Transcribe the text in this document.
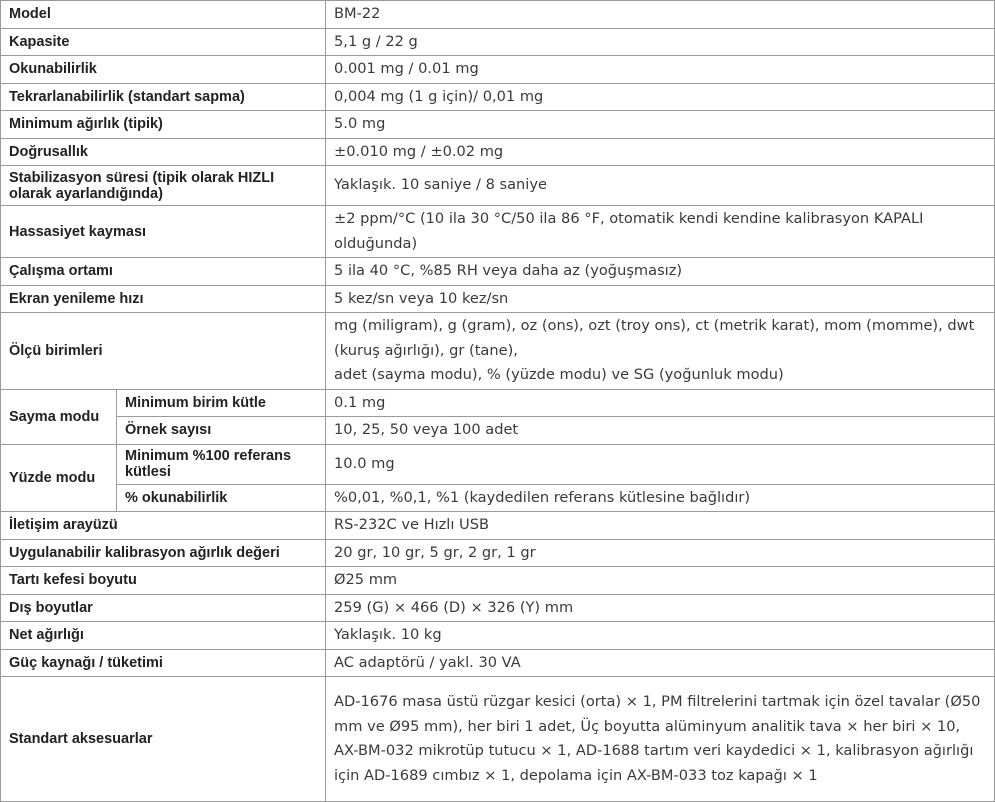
Model		BM-22
Kapasite		5,1 g / 22 g
Okunabilirlik		0.001 mg / 0.01 mg
Tekrarlanabilirlik (standart sapma)		0,004 mg (1 g için)/ 0,01 mg
Minimum ağırlık (tipik)		5.0 mg
Doğrusallık		±0.010 mg / ±0.02 mg
Stabilizasyon süresi (tipik olarak HIZLI olarak ayarlandığında)		Yaklaşık. 10 saniye / 8 saniye
Hassasiyet kayması		±2 ppm/°C (10 ila 30 °C/50 ila 86 °F, otomatik kendi kendine kalibrasyon KAPALI olduğunda)
Çalışma ortamı		5 ila 40 °C, %85 RH veya daha az (yoğuşmasız)
Ekran yenileme hızı		5 kez/sn veya 10 kez/sn
Ölçü birimleri		mg (miligram), g (gram), oz (ons), ozt (troy ons), ct (metrik karat), mom (momme), dwt (kuruş ağırlığı), gr (tane),
adet (sayma modu), % (yüzde modu) ve SG (yoğunluk modu)
Sayma modu	Minimum birim kütle	0.1 mg
	Örnek sayısı	10, 25, 50 veya 100 adet
Yüzde modu	Minimum %100 referans kütlesi	10.0 mg
	% okunabilirlik	%0,01, %0,1, %1 (kaydedilen referans kütlesine bağlıdır)
İletişim arayüzü		RS-232C ve Hızlı USB
Uygulanabilir kalibrasyon ağırlık değeri		20 gr, 10 gr, 5 gr, 2 gr, 1 gr
Tartı kefesi boyutu		Ø25 mm
Dış boyutlar		259 (G) × 466 (D) × 326 (Y) mm
Net ağırlığı		Yaklaşık. 10 kg
Güç kaynağı / tüketimi		AC adaptörü / yakl. 30 VA
Standart aksesuarlar		AD-1676 masa üstü rüzgar kesici (orta) × 1, PM filtrelerini tartmak için özel tavalar (Ø50 mm ve Ø95 mm), her biri 1 adet, Üç boyutta alüminyum analitik tava × her biri × 10, AX-BM-032 mikrotüp tutucu × 1, AD-1688 tartım veri kaydedici × 1, kalibrasyon ağırlığı için AD-1689 cımbız × 1, depolama için AX-BM-033 toz kapağı × 1
